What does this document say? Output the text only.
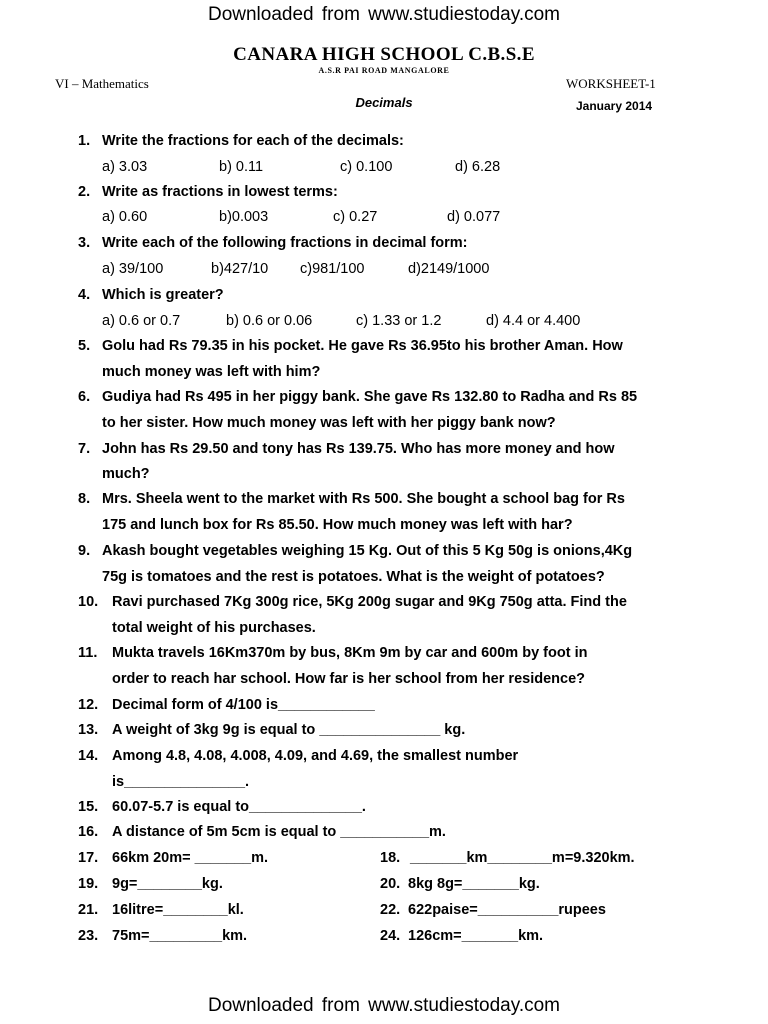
Downloaded from www.studiestoday.com
CANARA HIGH SCHOOL C.B.S.E
A.S.R PAI ROAD MANGALORE
VI – Mathematics	WORKSHEET-1
Decimals	January 2014
1. Write the fractions for each of the decimals:
a) 3.03	b) 0.11	c) 0.100	d) 6.28
2. Write as fractions in lowest terms:
a) 0.60	b)0.003	c) 0.27	d) 0.077
3. Write each of the following fractions in decimal form:
a) 39/100	b)427/10 c)981/100	d)2149/1000
4. Which is greater?
a) 0.6 or 0.7	b) 0.6 or 0.06	c) 1.33 or 1.2	d) 4.4 or 4.400
5. Golu had Rs 79.35 in his pocket. He gave Rs 36.95to his brother Aman. How
much money was left with him?
6. Gudiya had Rs 495 in her piggy bank. She gave Rs 132.80 to Radha and Rs 85
to her sister. How much money was left with her piggy bank now?
7. John has Rs 29.50 and tony has Rs 139.75. Who has more money and how
much?
8. Mrs. Sheela went to the market with Rs 500. She bought a school bag for Rs
175 and lunch box for Rs 85.50. How much money was left with har?
9. Akash bought vegetables weighing 15 Kg. Out of this 5 Kg 50g is onions,4Kg
75g is tomatoes and the rest is potatoes. What is the weight of potatoes?
10. Ravi purchased 7Kg 300g rice, 5Kg 200g sugar and 9Kg 750g atta. Find the
total weight of his purchases.
11. Mukta travels 16Km370m by bus, 8Km 9m by car and 600m by foot in
order to reach har school. How far is her school from her residence?
12. Decimal form of 4/100 is____________
13. A weight of 3kg 9g is equal to _______________ kg.
14. Among 4.8, 4.08, 4.008, 4.09, and 4.69, the smallest number
is_______________.
15. 60.07-5.7 is equal to______________.
16. A distance of 5m 5cm is equal to ___________m.
17. 66km 20m= _______m.	18. _______km________m=9.320km.
19. 9g=________kg.	20. 8kg 8g=_______kg.
21. 16litre=________kl.	22. 622paise=__________rupees
23. 75m=_________km.	24. 126cm=_______km.
Downloaded from www.studiestoday.com
